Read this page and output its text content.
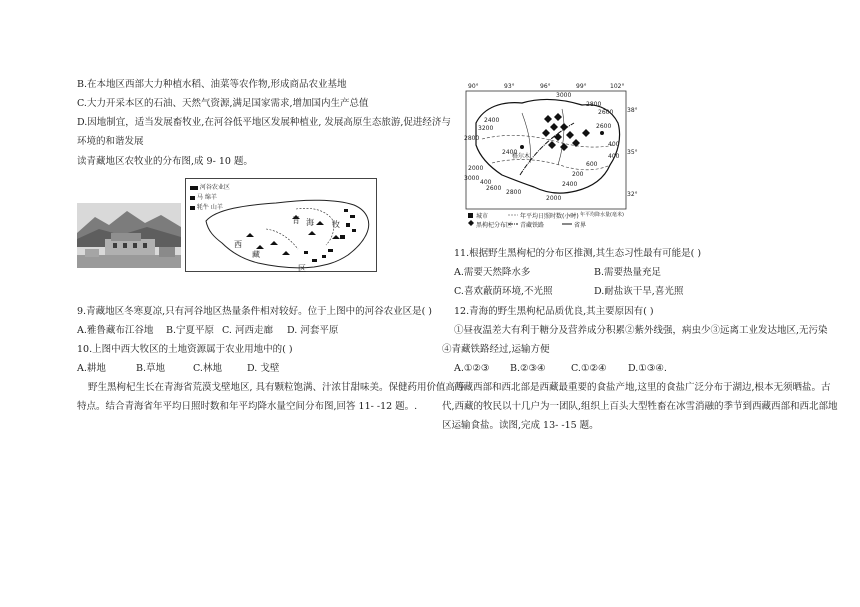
B.在本地区西部大力种植水稻、油菜等农作物,形成商品农业基地
C.大力开采本区的石油、天然气资源,满足国家需求,增加国内生产总值
D.因地制宜，适当发展畜牧业,在河谷低平地区发展种植业, 发展高原生态旅游,促进经济与
环境的和谐发展
读青藏地区农牧业的分布图,成 9- 10 题。
河谷农业区
马 绵羊
牦牛 山羊
青 海 牧
西
藏
区
9.青藏地区冬寒夏凉,只有河谷地区热量条件相对较好。位于上图中的河谷农业区是( )
A.雅鲁藏布江谷地 B.宁夏平原 C. 河西走廊 D. 河套平原
10.上图中西大牧区的土地资源属于农业用地中的( )
A.耕地	B.草地	C.林地	D. 戈壁
野生黑枸杞生长在青海省荒漠戈壁地区, 具有颗粒饱满、汁浓甘甜味美。保健药用价值高等
特点。结合青海省年平均日照时数和年平均降水量空间分布图,回答 11- -12 题。.
90°	93°	96°	99°	102°
38°
35°
32°
3000
2800
2600
3200
2400
400
2600
2800
2400
2000
3000
2600
2800
2400
2000
400
200
600
400
格尔木
城市	年平均日照时数(小时) 年平均降水量(毫米)
黑枸杞分布区 青藏铁路	省界
11.根据野生黑枸杞的分布区推测,其生态习性最有可能是( )
A.需要天然降水多	B.需要热量充足
C.喜欢蔽荫环境,不光照	D.耐盐诙干旱,喜光照
12.青海的野生黑枸杞品质优良,其主要原因有( )
①昼夜温差大有利于糖分及营养成分积累②紫外线强，病虫少③远离工业发达地区,无污染
④青藏铁路经过,运输方便
A.①②③ B.②③④	C.①②④ D.①③④.
西藏西部和西北部是西藏最重要的食盐产地,这里的食盐广泛分布于湖边,根本无须晒盐。古
代,西藏的牧民以十几户为一团队,组织上百头大型牲畜在冰雪消融的季节到西藏西部和西北部地
区运输食盐。读图,完成 13- -15 题。
